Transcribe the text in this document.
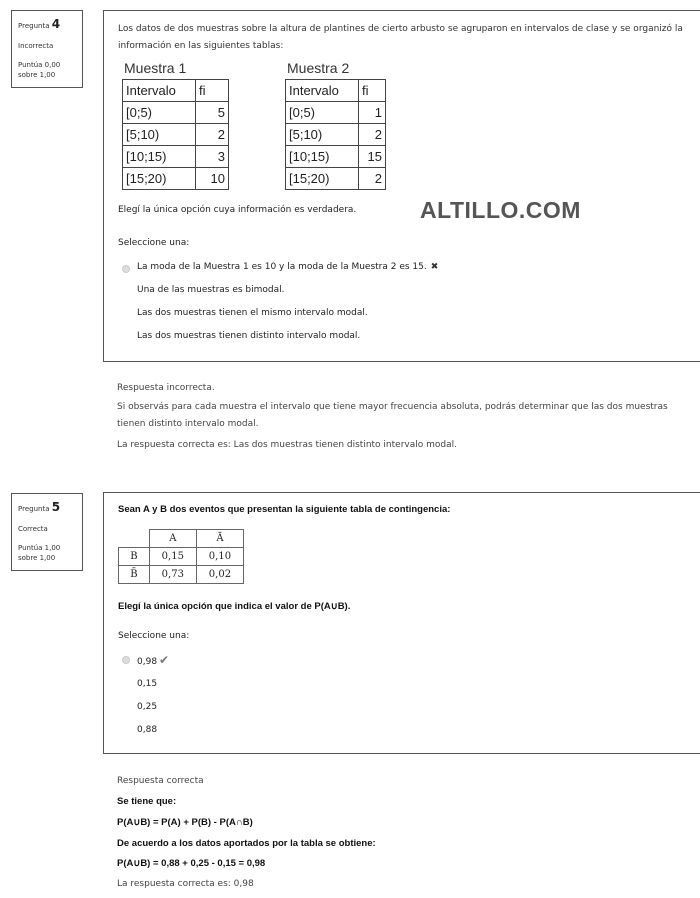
Pregunta 4
Incorrecta
Puntúa 0,00
sobre 1,00

Los datos de dos muestras sobre la altura de plantines de cierto arbusto se agruparon en intervalos de clase y se organizó la información en las siguientes tablas:

Muestra 1
Intervalo	fi
[0;5)	5
[5;10)	2
[10;15)	3
[15;20)	10
Muestra 2
Intervalo	fi
[0;5)	1
[5;10)	2
[10;15)	15
[15;20)	2
Elegí la única opción cuya información es verdadera.
Seleccione una:
La moda de la Muestra 1 es 10 y la moda de la Muestra 2 es 15. ✖
Una de las muestras es bimodal.
Las dos muestras tienen el mismo intervalo modal.
Las dos muestras tienen distinto intervalo modal.
ALTILLO.COM
Respuesta incorrecta.
Si observás para cada muestra el intervalo que tiene mayor frecuencia absoluta, podrás determinar que las dos muestras tienen distinto intervalo modal.
La respuesta correcta es: Las dos muestras tienen distinto intervalo modal.
Pregunta 5
Correcta
Puntúa 1,00
sobre 1,00
Sean A y B dos eventos que presentan la siguiente tabla de contingencia:
	A	Ā
B	0,15	0,10
B̄	0,73	0,02
Elegí la única opción que indica el valor de P(A∪B).
Seleccione una:
0,98 ✔
0,15
0,25
0,88
Respuesta correcta
Se tiene que:
P(A∪B) = P(A) + P(B) - P(A∩B)
De acuerdo a los datos aportados por la tabla se obtiene:
P(A∪B) = 0,88 + 0,25 - 0,15 = 0,98
La respuesta correcta es: 0,98
